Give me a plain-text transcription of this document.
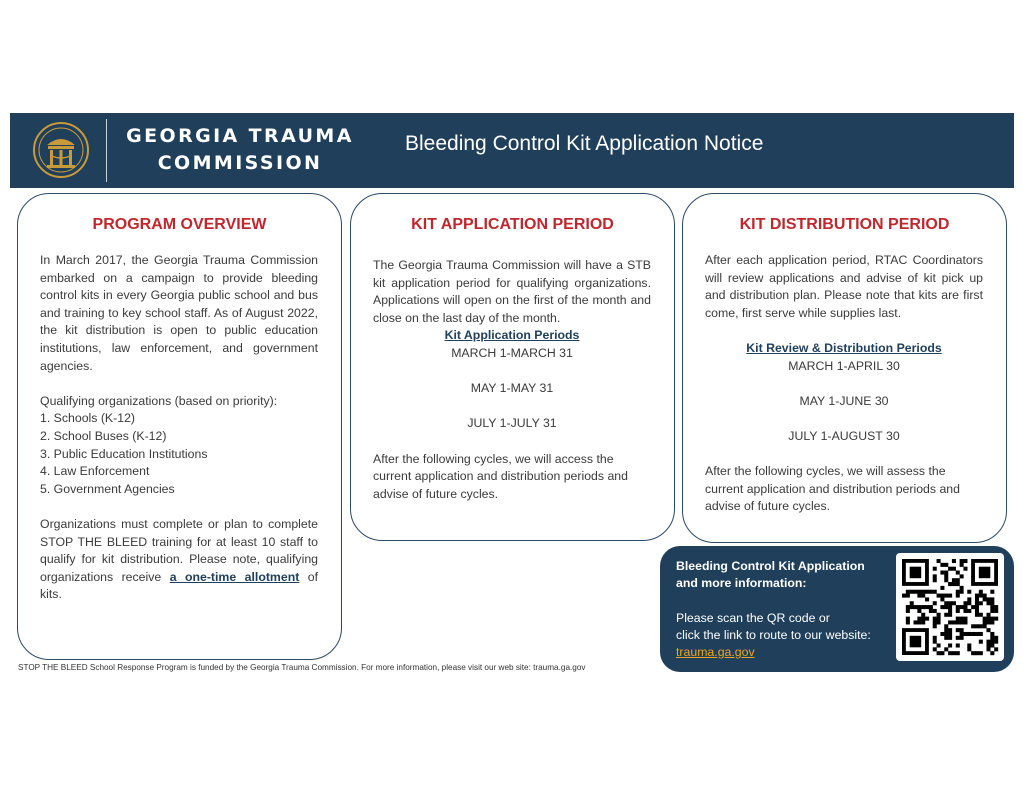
GEORGIA TRAUMA
COMMISSION
Bleeding Control Kit Application Notice
PROGRAM OVERVIEW
In March 2017, the Georgia Trauma Commission embarked on a campaign to provide bleeding control kits in every Georgia public school and bus and training to key school staff. As of August 2022, the kit distribution is open to public education institutions, law enforcement, and government agencies.
Qualifying organizations (based on priority):
1. Schools (K-12)
2. School Buses (K-12)
3. Public Education Institutions
4. Law Enforcement
5. Government Agencies
Organizations must complete or plan to complete STOP THE BLEED training for at least 10 staff to qualify for kit distribution. Please note, qualifying organizations receive a one-time allotment of kits.
KIT APPLICATION PERIOD
The Georgia Trauma Commission will have a STB kit application period for qualifying organizations. Applications will open on the first of the month and close on the last day of the month.
Kit Application Periods
MARCH 1-MARCH 31
MAY 1-MAY 31
JULY 1-JULY 31
After the following cycles, we will access the current application and distribution periods and advise of future cycles.
KIT DISTRIBUTION PERIOD
After each application period, RTAC Coordinators will review applications and advise of kit pick up and distribution plan. Please note that kits are first come, first serve while supplies last.
Kit Review & Distribution Periods
MARCH 1-APRIL 30
MAY 1-JUNE 30
JULY 1-AUGUST 30
After the following cycles, we will assess the current application and distribution periods and advise of future cycles.
Bleeding Control Kit Application and more information:
Please scan the QR code or
click the link to route to our website:
trauma.ga.gov
STOP THE BLEED School Response Program is funded by the Georgia Trauma Commission. For more information, please visit our web site: trauma.ga.gov
